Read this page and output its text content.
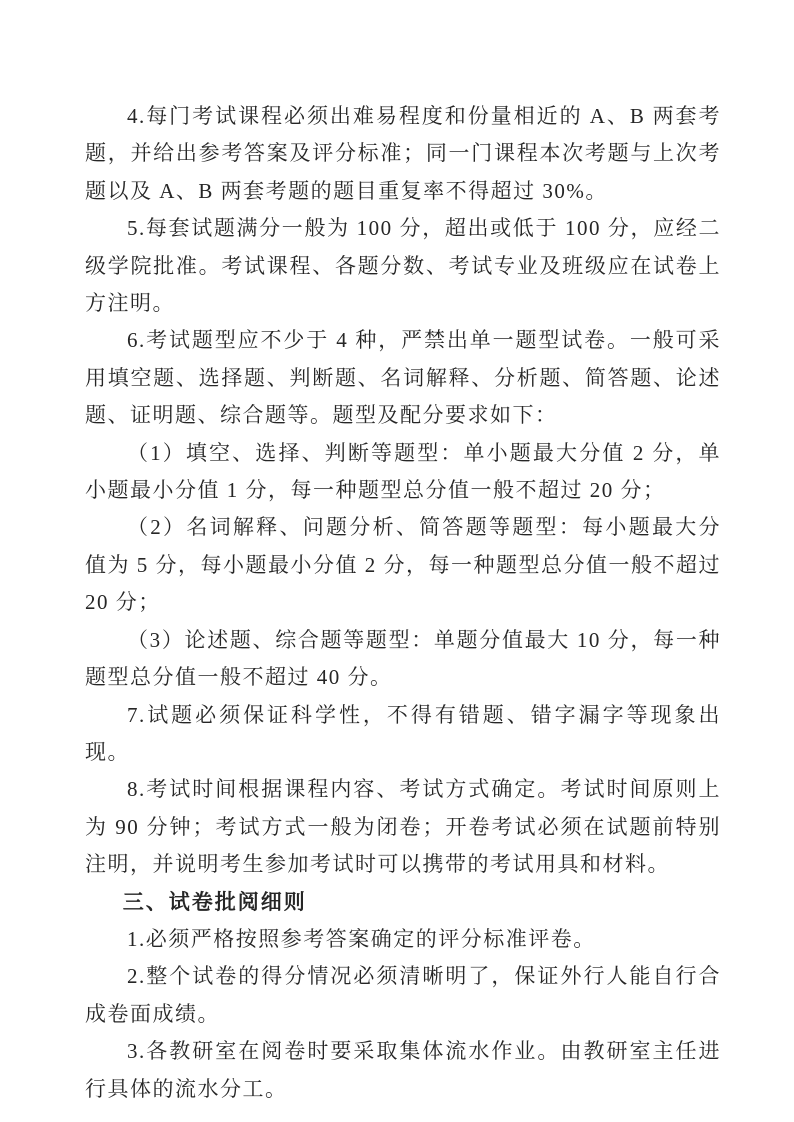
4.每门考试课程必须出难易程度和份量相近的 A、B 两套考题，并给出参考答案及评分标准；同一门课程本次考题与上次考题以及 A、B 两套考题的题目重复率不得超过 30%。

5.每套试题满分一般为 100 分，超出或低于 100 分，应经二级学院批准。考试课程、各题分数、考试专业及班级应在试卷上方注明。

6.考试题型应不少于 4 种，严禁出单一题型试卷。一般可采用填空题、选择题、判断题、名词解释、分析题、简答题、论述题、证明题、综合题等。题型及配分要求如下：

（1）填空、选择、判断等题型：单小题最大分值 2 分，单小题最小分值 1 分，每一种题型总分值一般不超过 20 分；

（2）名词解释、问题分析、简答题等题型：每小题最大分值为 5 分，每小题最小分值 2 分，每一种题型总分值一般不超过 20 分；

（3）论述题、综合题等题型：单题分值最大 10 分，每一种题型总分值一般不超过 40 分。

7.试题必须保证科学性，不得有错题、错字漏字等现象出现。

8.考试时间根据课程内容、考试方式确定。考试时间原则上为 90 分钟；考试方式一般为闭卷；开卷考试必须在试题前特别注明，并说明考生参加考试时可以携带的考试用具和材料。

三、试卷批阅细则

1.必须严格按照参考答案确定的评分标准评卷。

2.整个试卷的得分情况必须清晰明了，保证外行人能自行合成卷面成绩。

3.各教研室在阅卷时要采取集体流水作业。由教研室主任进行具体的流水分工。
